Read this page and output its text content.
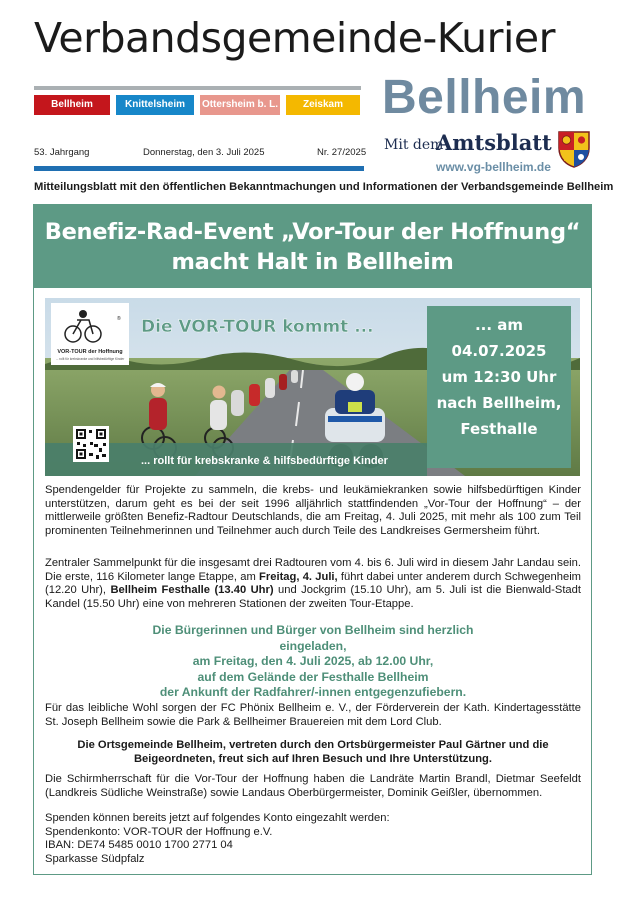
Verbandsgemeinde-Kurier
Bellheim	Knittelsheim	Ottersheim b. L.	Zeiskam Bellheim
53. Jahrgang	Donnerstag, den 3. Juli 2025	Nr. 27/2025 Mit dem
Amtsblatt
www.vg-bellheim.de
Mitteilungsblatt mit den öffentlichen Bekanntmachungen und Informationen der Verbandsgemeinde Bellheim
Benefiz-Rad-Event „Vor-Tour der Hoffnung“
macht Halt in Bellheim
VOR-TOUR der Hoffnung
... rollt für krebskranke und hilfsbedürftige Kinder
® Die VOR-TOUR kommt ...	... am
04.07.2025
um 12:30 Uhr
nach Bellheim,
Festhalle
... rollt für krebskranke & hilfsbedürftige Kinder
Spendengelder für Projekte zu sammeln, die krebs- und leukämiekranken sowie hilfsbedürftigen Kinder unterstützen, darum geht es bei der seit 1996 alljährlich stattfindenden „Vor-Tour der Hoffnung“ – der mittlerweile größten Benefiz-Radtour Deutschlands, die am Freitag, 4. Juli 2025, mit mehr als 100 zum Teil prominenten Teilnehmerinnen und Teilnehmer auch durch Teile des Landkreises Germersheim führt.
Zentraler Sammelpunkt für die insgesamt drei Radtouren vom 4. bis 6. Juli wird in diesem Jahr Landau sein. Die erste, 116 Kilometer lange Etappe, am Freitag, 4. Juli, führt dabei unter anderem durch Schwegenheim (12.20 Uhr), Bellheim Festhalle (13.40 Uhr) und Jockgrim (15.10 Uhr), am 5. Juli ist die Bienwald-Stadt Kandel (15.50 Uhr) eine von mehreren Stationen der zweiten Tour-Etappe.
Die Bürgerinnen und Bürger von Bellheim sind herzlich
eingeladen,
am Freitag, den 4. Juli 2025, ab 12.00 Uhr,
auf dem Gelände der Festhalle Bellheim
der Ankunft der Radfahrer/-innen entgegenzufiebern.
Für das leibliche Wohl sorgen der FC Phönix Bellheim e. V., der Förderverein der Kath. Kindertagesstätte St. Joseph Bellheim sowie die Park & Bellheimer Brauereien mit dem Lord Club.
Die Ortsgemeinde Bellheim, vertreten durch den Ortsbürgermeister Paul Gärtner und die Beigeordneten, freut sich auf Ihren Besuch und Ihre Unterstützung.
Die Schirmherrschaft für die Vor-Tour der Hoffnung haben die Landräte Martin Brandl, Dietmar Seefeldt (Landkreis Südliche Weinstraße) sowie Landaus Oberbürgermeister, Dominik Geißler, übernommen.
Spenden können bereits jetzt auf folgendes Konto eingezahlt werden:
Spendenkonto: VOR-TOUR der Hoffnung e.V.
IBAN: DE74 5485 0010 1700 2771 04
Sparkasse Südpfalz
